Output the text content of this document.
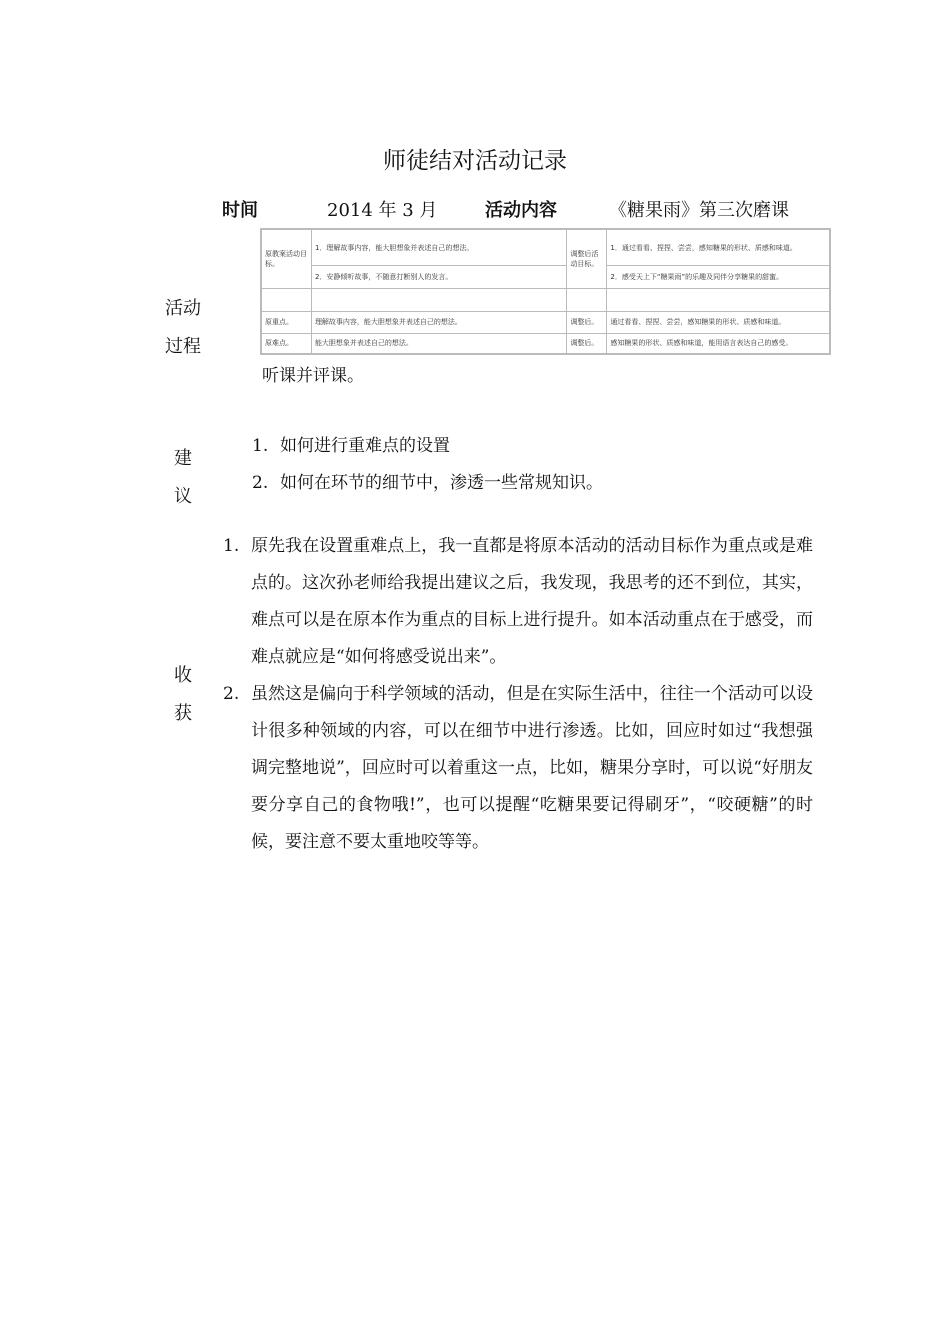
师徒结对活动记录
时间	2014 年 3 月	活动内容	《糖果雨》第三次磨课
活动
过程
原教案活动目标。	1．理解故事内容，能大胆想象并表述自己的想法。	调整后活动目标。	1．通过看看、捏捏、尝尝，感知糖果的形状、质感和味道。
	2．安静倾听故事，不随意打断别人的发言。		2．感受天上下“糖果雨”的乐趣及同伴分享糖果的甜蜜。

原重点。	理解故事内容，能大胆想象并表述自己的想法。	调整后。	通过看看、捏捏、尝尝，感知糖果的形状、质感和味道。
原难点。	能大胆想象并表述自己的想法。	调整后。	感知糖果的形状、质感和味道，能用语言表达自己的感受。
听课并评课。
建
议
1. 如何进行重难点的设置
2. 如何在环节的细节中，渗透一些常规知识。
收
获
1. 原先我在设置重难点上，我一直都是将原本活动的活动目标作为重点或是难点的。这次孙老师给我提出建议之后，我发现，我思考的还不到位，其实，难点可以是在原本作为重点的目标上进行提升。如本活动重点在于感受，而难点就应是“如何将感受说出来”。
2. 虽然这是偏向于科学领域的活动，但是在实际生活中，往往一个活动可以设计很多种领域的内容，可以在细节中进行渗透。比如，回应时如过“我想强调完整地说”，回应时可以着重这一点，比如，糖果分享时，可以说“好朋友要分享自己的食物哦!”，也可以提醒“吃糖果要记得刷牙”，“咬硬糖”的时候，要注意不要太重地咬等等。
